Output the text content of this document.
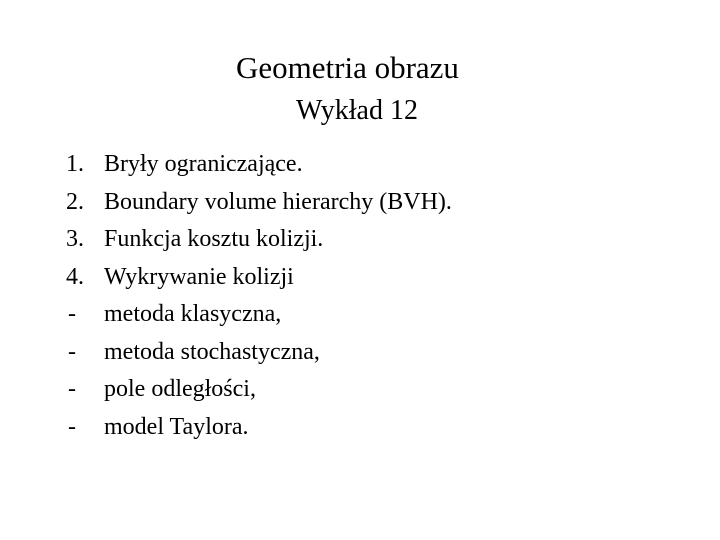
Geometria obrazu
Wykład 12
1. Bryły ograniczające.
2. Boundary volume hierarchy (BVH).
3. Funkcja kosztu kolizji.
4. Wykrywanie kolizji
- metoda klasyczna,
- metoda stochastyczna,
- pole odległości,
- model Taylora.
